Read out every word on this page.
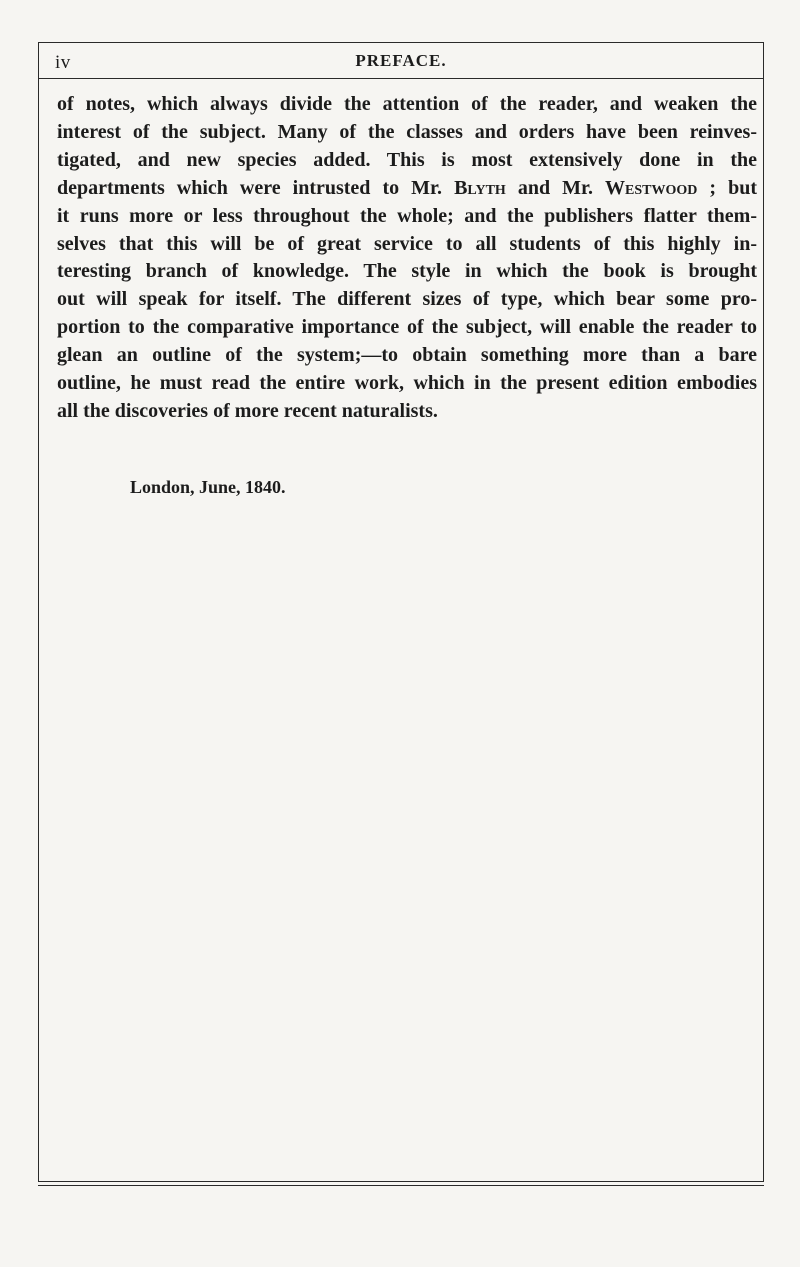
iv	PREFACE.
of notes, which always divide the attention of the reader, and weaken the
interest of the subject. Many of the classes and orders have been reinves-
tigated, and new species added. This is most extensively done in the
departments which were intrusted to Mr. Blyth and Mr. Westwood ; but
it runs more or less throughout the whole; and the publishers flatter them-
selves that this will be of great service to all students of this highly in-
teresting branch of knowledge. The style in which the book is brought
out will speak for itself. The different sizes of type, which bear some pro-
portion to the comparative importance of the subject, will enable the reader to
glean an outline of the system;—to obtain something more than a bare
outline, he must read the entire work, which in the present edition embodies
all the discoveries of more recent naturalists.
London, June, 1840.
